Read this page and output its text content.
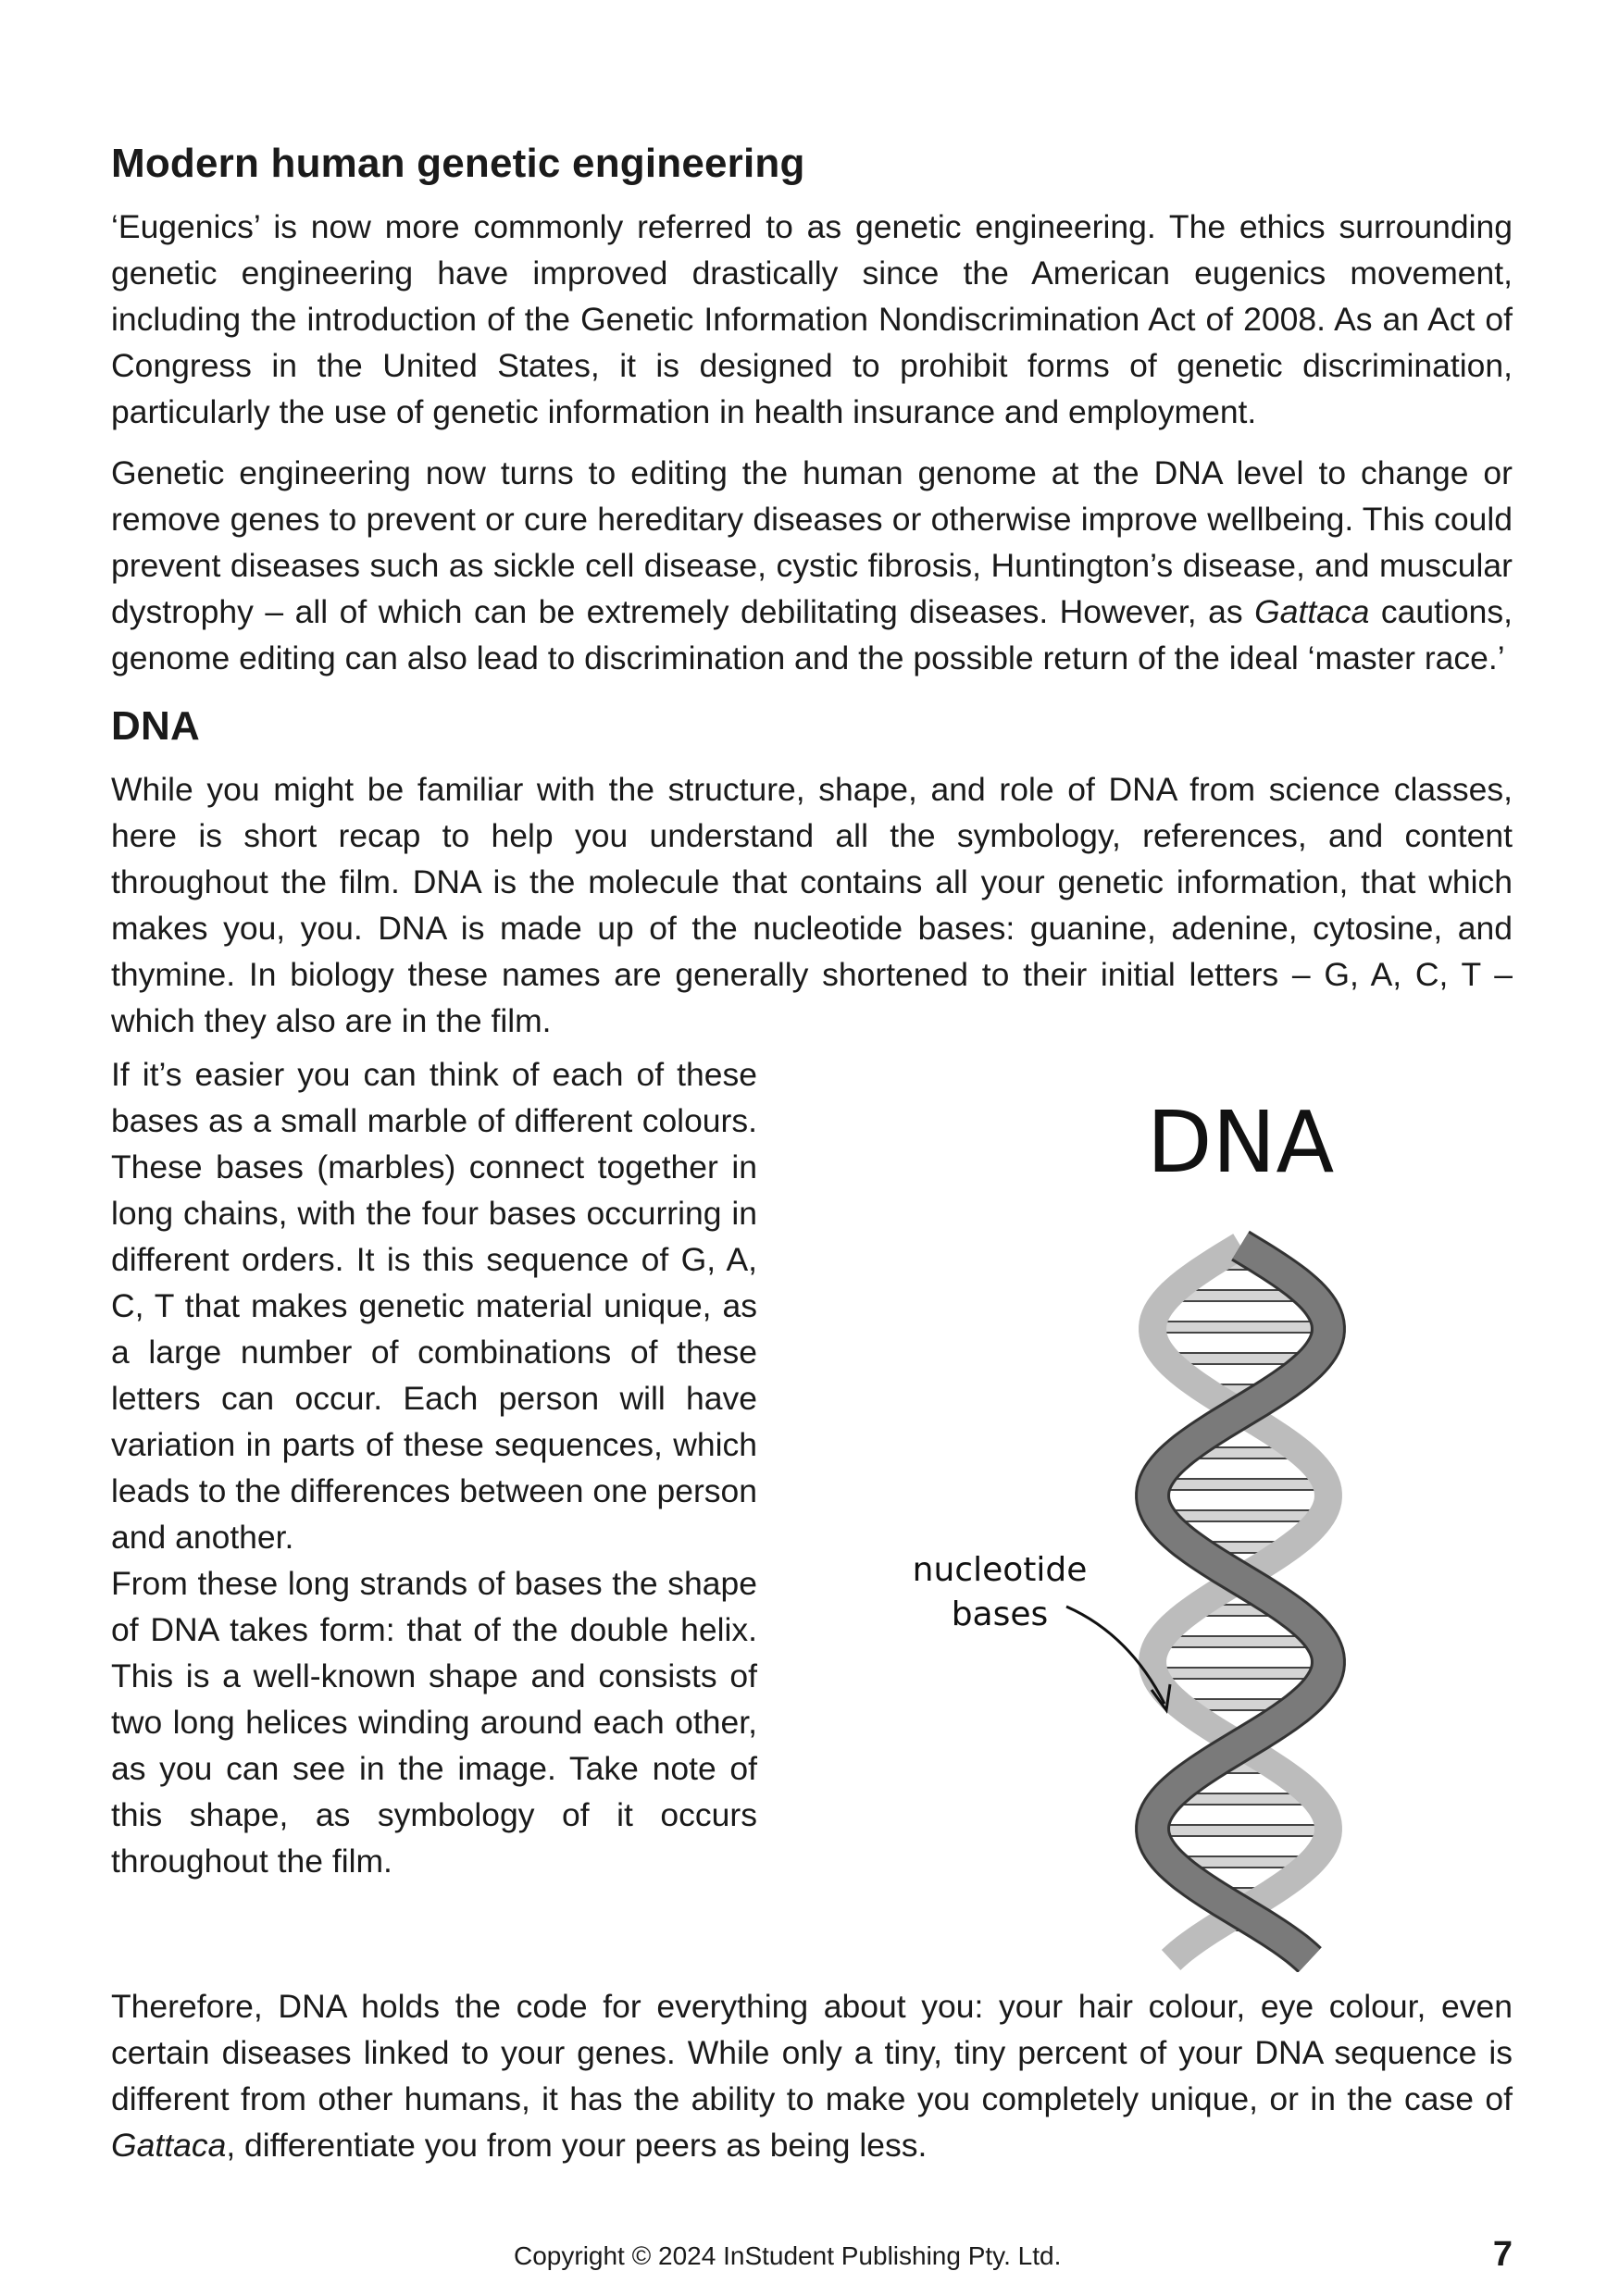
Modern human genetic engineering

‘Eugenics’ is now more commonly referred to as genetic engineering. The ethics surrounding genetic engineering have improved drastically since the American eugenics movement, including the introduction of the Genetic Information Nondiscrimination Act of 2008. As an Act of Congress in the United States, it is designed to prohibit forms of genetic discrimination, particularly the use of genetic information in health insurance and employment.

Genetic engineering now turns to editing the human genome at the DNA level to change or remove genes to prevent or cure hereditary diseases or otherwise improve wellbeing. This could prevent diseases such as sickle cell disease, cystic fibrosis, Huntington’s disease, and muscular dystrophy – all of which can be extremely debilitating diseases. However, as Gattaca cautions, genome editing can also lead to discrimination and the possible return of the ideal ‘master race.’

DNA

While you might be familiar with the structure, shape, and role of DNA from science classes, here is short recap to help you understand all the symbology, references, and content throughout the film. DNA is the molecule that contains all your genetic information, that which makes you, you. DNA is made up of the nucleotide bases: guanine, adenine, cytosine, and thymine. In biology these names are generally shortened to their initial letters – G, A, C, T – which they also are in the film.

If it’s easier you can think of each of these bases as a small marble of different colours. These bases (marbles) connect together in long chains, with the four bases occurring in different orders. It is this sequence of G, A, C, T that makes genetic material unique, as a large number of combinations of these letters can occur. Each person will have variation in parts of these sequences, which leads to the differences between one person and another.

From these long strands of bases the shape of DNA takes form: that of the double helix. This is a well-known shape and consists of two long helices winding around each other, as you can see in the image. Take note of this shape, as symbology of it occurs throughout the film.

DNA
nucleotide
bases

Therefore, DNA holds the code for everything about you: your hair colour, eye colour, even certain diseases linked to your genes. While only a tiny, tiny percent of your DNA sequence is different from other humans, it has the ability to make you completely unique, or in the case of Gattaca, differentiate you from your peers as being less.

Copyright © 2024 InStudent Publishing Pty. Ltd.	7
